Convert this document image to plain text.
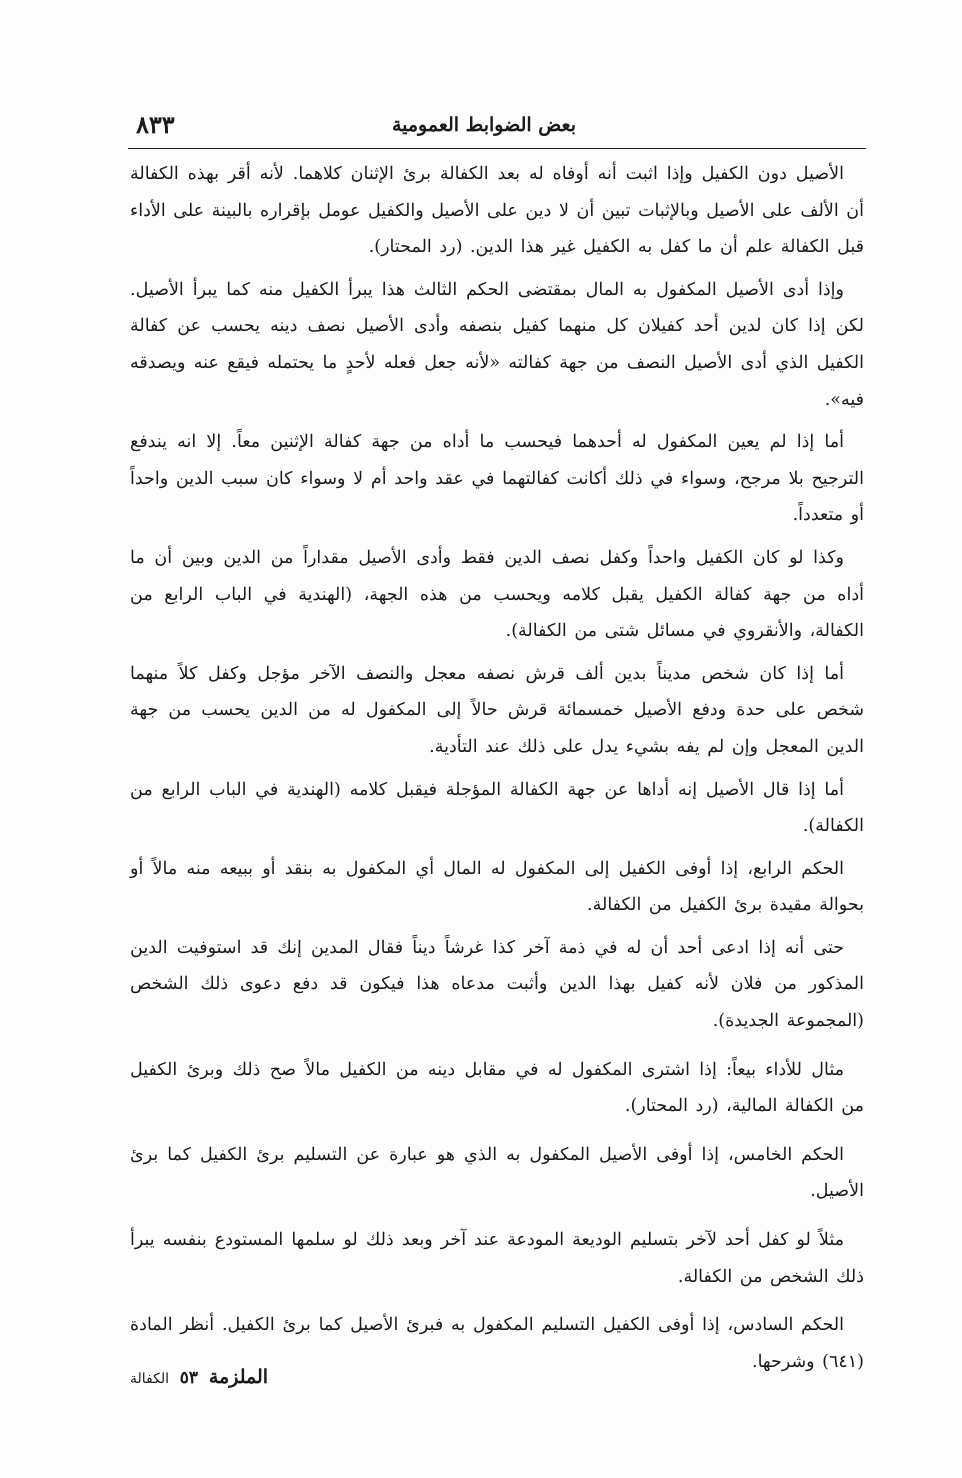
٨٣٣	بعض الضوابط العمومية

الأصيل دون الكفيل وإذا اثبت أنه أوفاه له بعد الكفالة برئ الإثنان كلاهما. لأنه أقر بهذه الكفالة أن الألف على الأصيل وبالإثبات تبين أن لا دين على الأصيل والكفيل عومل بإقراره بالبينة على الأداء قبل الكفالة علم أن ما كفل به الكفيل غير هذا الدين. (رد المحتار).

وإذا أدى الأصيل المكفول به المال بمقتضى الحكم الثالث هذا يبرأ الكفيل منه كما يبرأ الأصيل. لكن إذا كان لدين أحد كفيلان كل منهما كفيل بنصفه وأدى الأصيل نصف دينه يحسب عن كفالة الكفيل الذي أدى الأصيل النصف من جهة كفالته «لأنه جعل فعله لأحدٍ ما يحتمله فيقع عنه ويصدقه فيه».

أما إذا لم يعين المكفول له أحدهما فيحسب ما أداه من جهة كفالة الإثنين معاً. إلا انه يندفع الترجيح بلا مرجح، وسواء في ذلك أكانت كفالتهما في عقد واحد أم لا وسواء كان سبب الدين واحداً أو متعدداً.

وكذا لو كان الكفيل واحداً وكفل نصف الدين فقط وأدى الأصيل مقداراً من الدين وبين أن ما أداه من جهة كفالة الكفيل يقبل كلامه ويحسب من هذه الجهة، (الهندية في الباب الرابع من الكفالة، والأنقروي في مسائل شتى من الكفالة).

أما إذا كان شخص مديناً بدين ألف قرش نصفه معجل والنصف الآخر مؤجل وكفل كلاً منهما شخص على حدة ودفع الأصيل خمسمائة قرش حالاً إلى المكفول له من الدين يحسب من جهة الدين المعجل وإن لم يفه بشيء يدل على ذلك عند التأدية.

أما إذا قال الأصيل إنه أداها عن جهة الكفالة المؤجلة فيقبل كلامه (الهندية في الباب الرابع من الكفالة).

الحكم الرابع، إذا أوفى الكفيل إلى المكفول له المال أي المكفول به بنقد أو ببيعه منه مالاً أو بحوالة مقيدة برئ الكفيل من الكفالة.

حتى أنه إذا ادعى أحد أن له في ذمة آخر كذا غرشاً ديناً فقال المدين إنك قد استوفيت الدين المذكور من فلان لأنه كفيل بهذا الدين وأثبت مدعاه هذا فيكون قد دفع دعوى ذلك الشخص (المجموعة الجديدة).

مثال للأداء بيعاً: إذا اشترى المكفول له في مقابل دينه من الكفيل مالاً صح ذلك وبرئ الكفيل من الكفالة المالية، (رد المحتار).

الحكم الخامس، إذا أوفى الأصيل المكفول به الذي هو عبارة عن التسليم برئ الكفيل كما برئ الأصيل.

مثلاً لو كفل أحد لآخر بتسليم الوديعة المودعة عند آخر وبعد ذلك لو سلمها المستودع بنفسه يبرأ ذلك الشخص من الكفالة.

الحكم السادس، إذا أوفى الكفيل التسليم المكفول به فبرئ الأصيل كما برئ الكفيل. أنظر المادة (٦٤١) وشرحها.

الملزمة ٥٣ الكفالة
